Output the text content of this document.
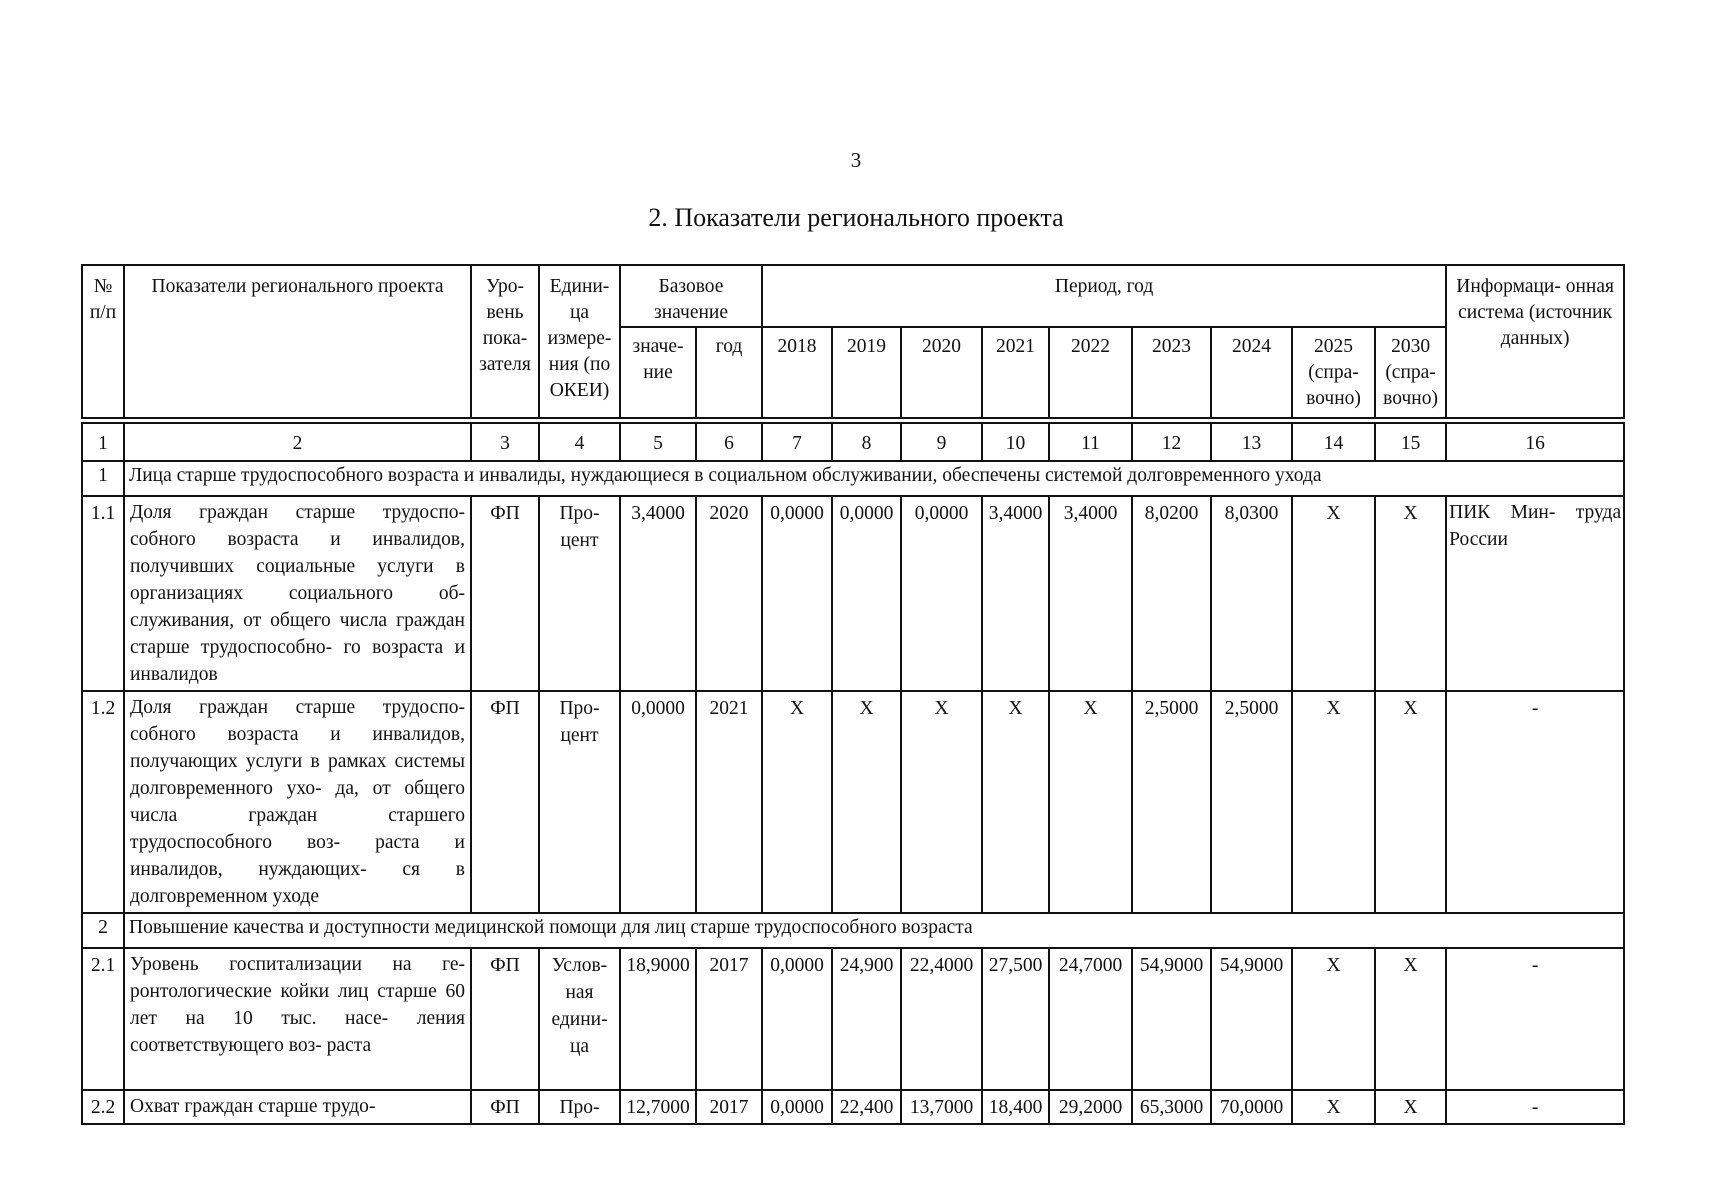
3
2. Показатели регионального проекта
№ п/п	Показатели регионального проекта	Уро- вень пока- зателя	Едини- ца измере- ния (по ОКЕИ)	Базовое значение		Период, год									Информаци- онная система (источник данных)
				значе- ние	год	2018	2019	2020	2021	2022	2023	2024	2025 (спра- вочно)	2030 (спра- вочно)	

1	2	3	4	5	6	7	8	9	10	11	12	13	14	15	16
1	Лица старше трудоспособного возраста и инвалиды, нуждающиеся в социальном обслуживании, обеспечены системой долговременного ухода														
1.1	Доля граждан старше трудоспо- собного возраста и инвалидов, получивших социальные услуги в организациях социального об- служивания, от общего числа граждан старше трудоспособно- го возраста и инвалидов	ФП	Про- цент	3,4000	2020	0,0000	0,0000	0,0000	3,4000	3,4000	8,0200	8,0300	X	X	ПИК Мин- труда России
1.2	Доля граждан старше трудоспо- собного возраста и инвалидов, получающих услуги в рамках системы долговременного ухо- да, от общего числа граждан старшего трудоспособного воз- раста и инвалидов, нуждающих- ся в долговременном уходе	ФП	Про- цент	0,0000	2021	X	X	X	X	X	2,5000	2,5000	X	X	-
2	Повышение качества и доступности медицинской помощи для лиц старше трудоспособного возраста														
2.1	Уровень госпитализации на ге- ронтологические койки лиц старше 60 лет на 10 тыс. насе- ления соответствующего воз- раста	ФП	Услов- ная едини- ца	18,9000	2017	0,0000	24,900	22,4000	27,500	24,7000	54,9000	54,9000	X	X	-
2.2	Охват граждан старше трудо-	ФП	Про-	12,7000	2017	0,0000	22,400	13,7000	18,400	29,2000	65,3000	70,0000	X	X	-
